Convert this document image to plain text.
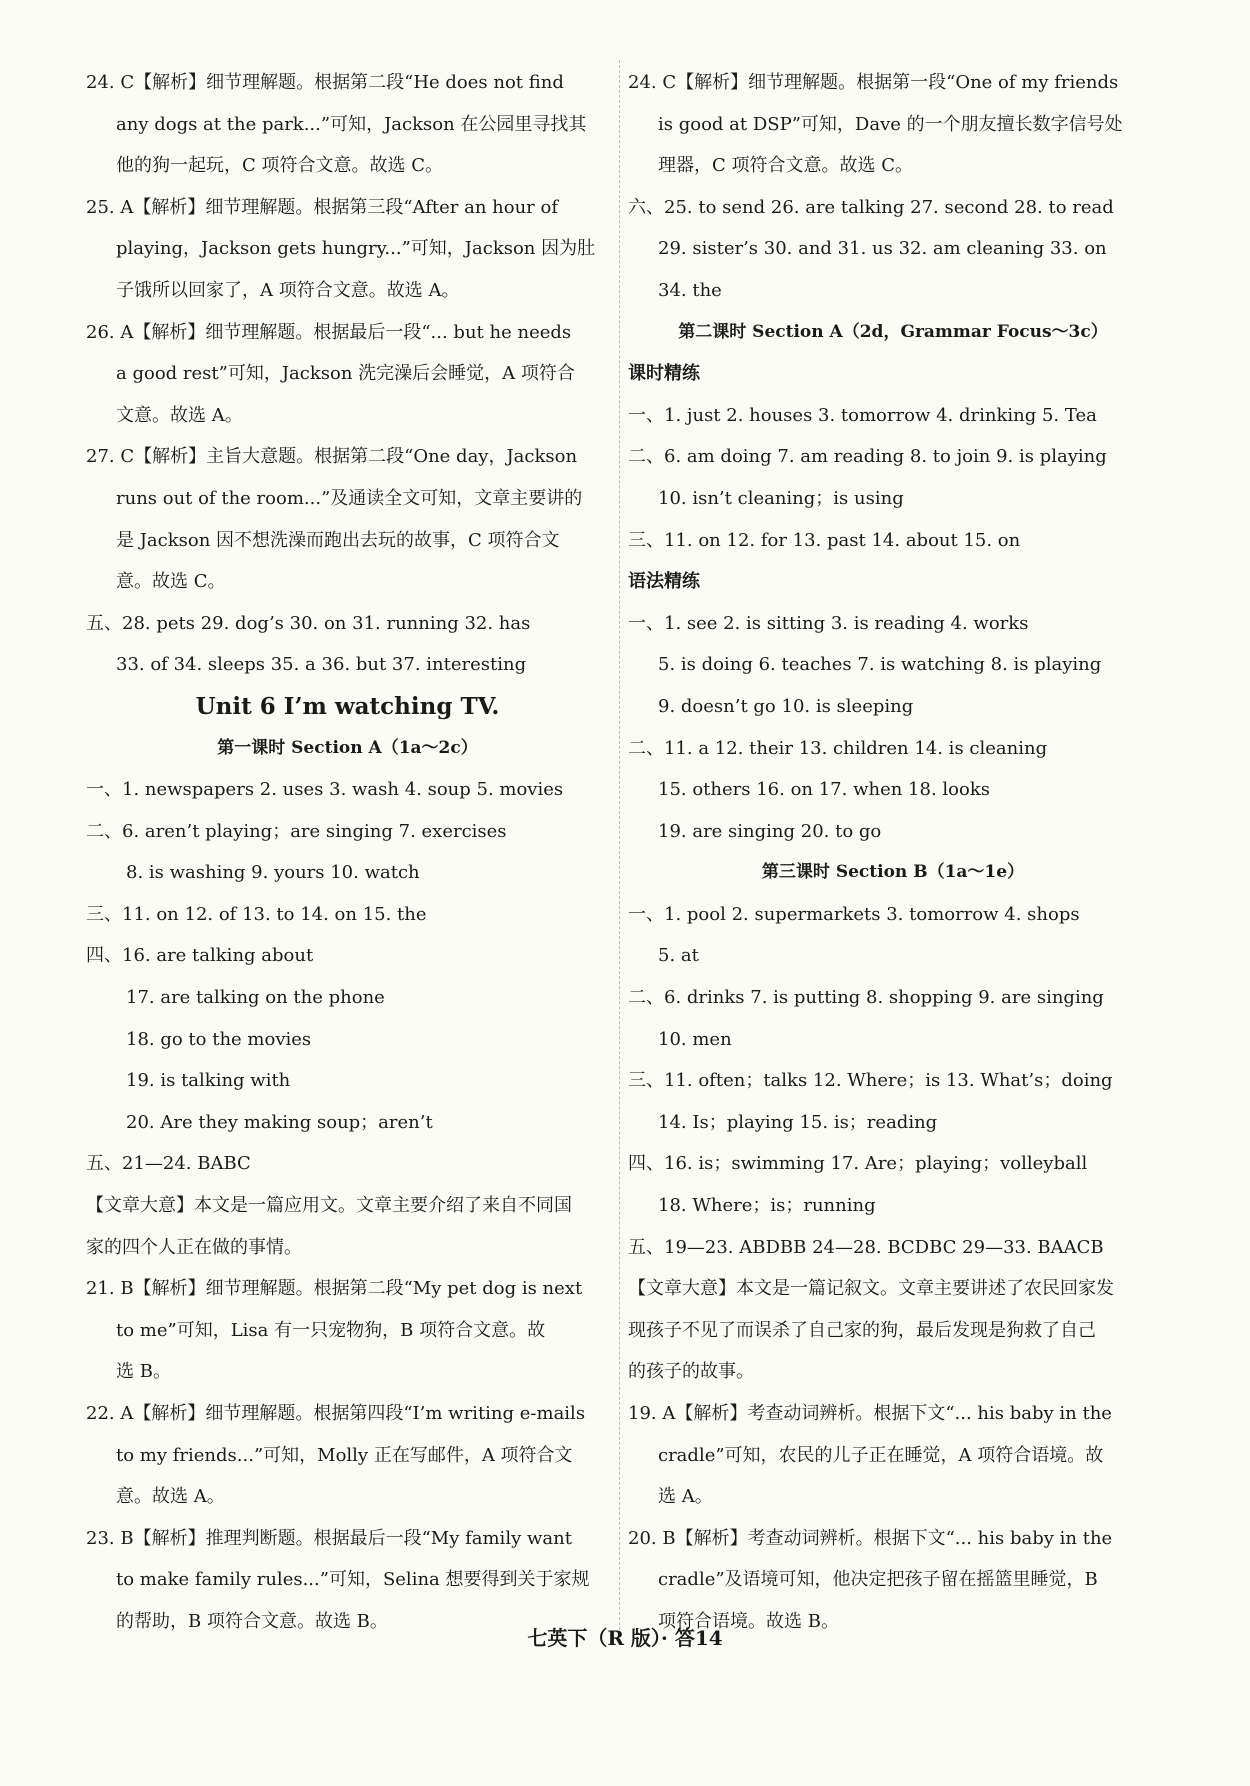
24. C【解析】细节理解题。根据第二段“He does not find
any dogs at the park...”可知，Jackson 在公园里寻找其
他的狗一起玩，C 项符合文意。故选 C。
25. A【解析】细节理解题。根据第三段“After an hour of
playing，Jackson gets hungry...”可知，Jackson 因为肚
子饿所以回家了，A 项符合文意。故选 A。
26. A【解析】细节理解题。根据最后一段“... but he needs
a good rest”可知，Jackson 洗完澡后会睡觉，A 项符合
文意。故选 A。
27. C【解析】主旨大意题。根据第二段“One day，Jackson
runs out of the room...”及通读全文可知，文章主要讲的
是 Jackson 因不想洗澡而跑出去玩的故事，C 项符合文
意。故选 C。
五、28. pets 29. dog’s 30. on 31. running 32. has
33. of 34. sleeps 35. a 36. but 37. interesting
Unit 6 I’m watching TV.
第一课时 Section A（1a～2c）
一、1. newspapers 2. uses 3. wash 4. soup 5. movies
二、6. aren’t playing；are singing 7. exercises
8. is washing 9. yours 10. watch
三、11. on 12. of 13. to 14. on 15. the
四、16. are talking about
17. are talking on the phone
18. go to the movies
19. is talking with
20. Are they making soup；aren’t
五、21—24. BABC
【文章大意】本文是一篇应用文。文章主要介绍了来自不同国
家的四个人正在做的事情。
21. B【解析】细节理解题。根据第二段“My pet dog is next
to me”可知，Lisa 有一只宠物狗，B 项符合文意。故
选 B。
22. A【解析】细节理解题。根据第四段“I’m writing e-mails
to my friends...”可知，Molly 正在写邮件，A 项符合文
意。故选 A。
23. B【解析】推理判断题。根据最后一段“My family want
to make family rules...”可知，Selina 想要得到关于家规
的帮助，B 项符合文意。故选 B。
24. C【解析】细节理解题。根据第一段“One of my friends
is good at DSP”可知，Dave 的一个朋友擅长数字信号处
理器，C 项符合文意。故选 C。
六、25. to send 26. are talking 27. second 28. to read
29. sister’s 30. and 31. us 32. am cleaning 33. on
34. the
第二课时 Section A（2d，Grammar Focus～3c）
课时精练
一、1. just 2. houses 3. tomorrow 4. drinking 5. Tea
二、6. am doing 7. am reading 8. to join 9. is playing
10. isn’t cleaning；is using
三、11. on 12. for 13. past 14. about 15. on
语法精练
一、1. see 2. is sitting 3. is reading 4. works
5. is doing 6. teaches 7. is watching 8. is playing
9. doesn’t go 10. is sleeping
二、11. a 12. their 13. children 14. is cleaning
15. others 16. on 17. when 18. looks
19. are singing 20. to go
第三课时 Section B（1a～1e）
一、1. pool 2. supermarkets 3. tomorrow 4. shops
5. at
二、6. drinks 7. is putting 8. shopping 9. are singing
10. men
三、11. often；talks 12. Where；is 13. What’s；doing
14. Is；playing 15. is；reading
四、16. is；swimming 17. Are；playing；volleyball
18. Where；is；running
五、19—23. ABDBB 24—28. BCDBC 29—33. BAACB
【文章大意】本文是一篇记叙文。文章主要讲述了农民回家发
现孩子不见了而误杀了自己家的狗，最后发现是狗救了自己
的孩子的故事。
19. A【解析】考查动词辨析。根据下文“... his baby in the
cradle”可知，农民的儿子正在睡觉，A 项符合语境。故
选 A。
20. B【解析】考查动词辨析。根据下文“... his baby in the
cradle”及语境可知，他决定把孩子留在摇篮里睡觉，B
项符合语境。故选 B。
七英下（R 版）· 答14
